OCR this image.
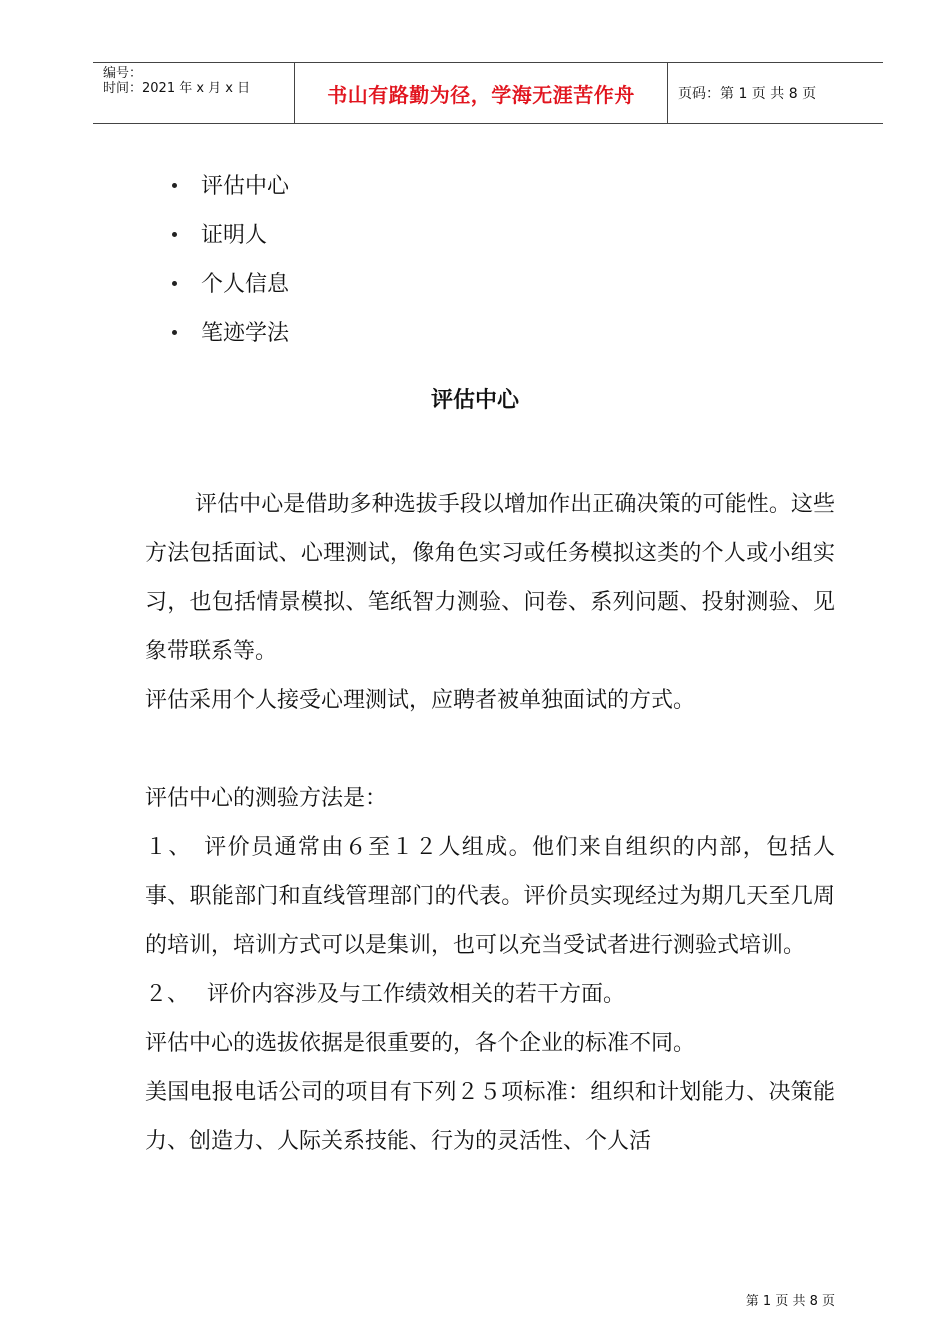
编号：
时间：2021 年 x 月 x 日	书山有路勤为径，学海无涯苦作舟	页码：第 1 页 共 8 页
评估中心
证明人
个人信息
笔迹学法
评估中心

评估中心是借助多种选拔手段以增加作出正确决策的可能性。这些方法包括面试、心理测试，像角色实习或任务模拟这类的个人或小组实习，也包括情景模拟、笔纸智力测验、问卷、系列问题、投射测验、见象带联系等。

评估采用个人接受心理测试，应聘者被单独面试的方式。

评估中心的测验方法是：

１、　评价员通常由６至１２人组成。他们来自组织的内部，包括人事、职能部门和直线管理部门的代表。评价员实现经过为期几天至几周的培训，培训方式可以是集训，也可以充当受试者进行测验式培训。

２、　 评价内容涉及与工作绩效相关的若干方面。

评估中心的选拔依据是很重要的，各个企业的标准不同。

美国电报电话公司的项目有下列２５项标准：组织和计划能力、决策能力、创造力、人际关系技能、行为的灵活性、个人活

第 1 页 共 8 页
